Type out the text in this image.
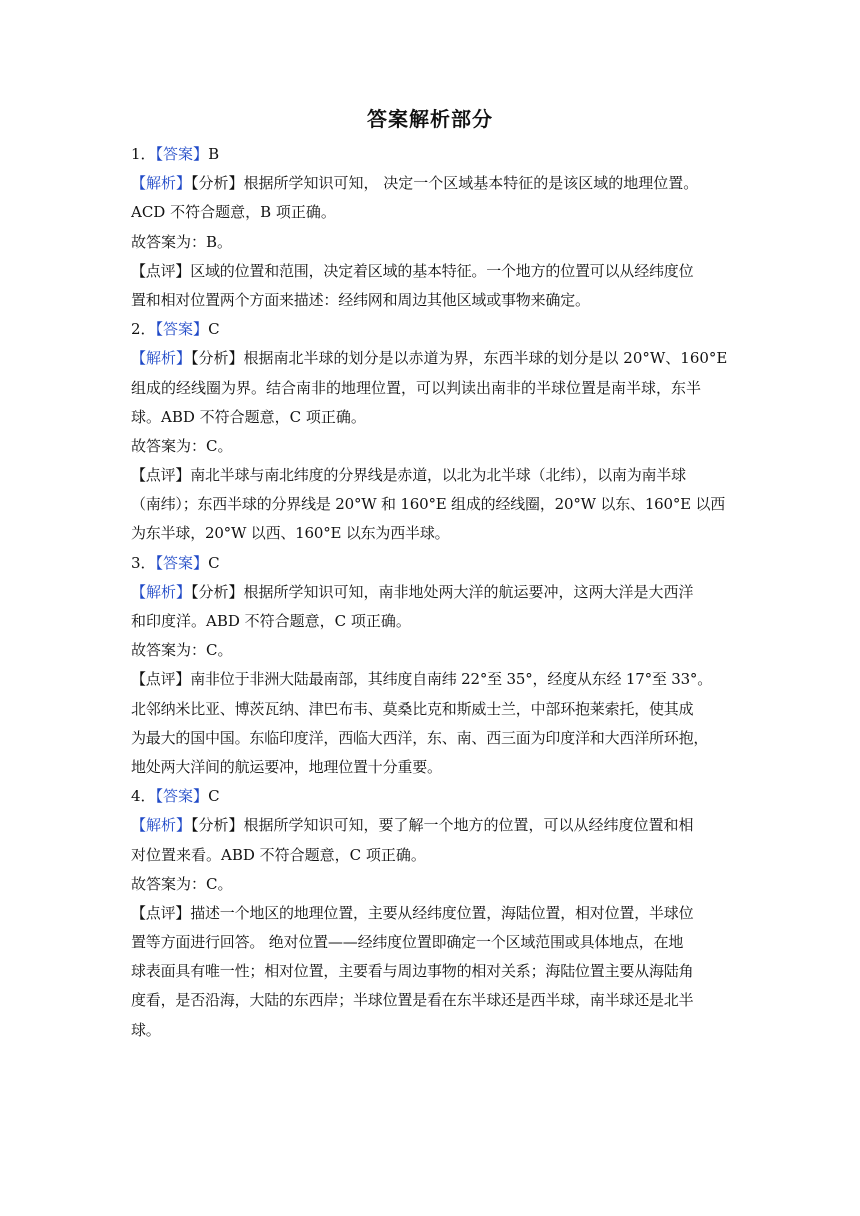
答案解析部分
1．【答案】B
【解析】【分析】根据所学知识可知， 决定一个区域基本特征的是该区域的地理位置。
ACD 不符合题意，B 项正确。
故答案为：B。
【点评】区域的位置和范围，决定着区域的基本特征。一个地方的位置可以从经纬度位
置和相对位置两个方面来描述：经纬网和周边其他区域或事物来确定。
2．【答案】C
【解析】【分析】根据南北半球的划分是以赤道为界，东西半球的划分是以 20°W、160°E
组成的经线圈为界。结合南非的地理位置，可以判读出南非的半球位置是南半球，东半
球。ABD 不符合题意，C 项正确。
故答案为：C。
【点评】南北半球与南北纬度的分界线是赤道，以北为北半球（北纬），以南为南半球
（南纬）；东西半球的分界线是 20°W 和 160°E 组成的经线圈，20°W 以东、160°E 以西
为东半球，20°W 以西、160°E 以东为西半球。
3．【答案】C
【解析】【分析】根据所学知识可知，南非地处两大洋的航运要冲，这两大洋是大西洋
和印度洋。ABD 不符合题意，C 项正确。
故答案为：C。
【点评】南非位于非洲大陆最南部，其纬度自南纬 22°至 35°，经度从东经 17°至 33°。
北邻纳米比亚、博茨瓦纳、津巴布韦、莫桑比克和斯威士兰，中部环抱莱索托，使其成
为最大的国中国。东临印度洋，西临大西洋，东、南、西三面为印度洋和大西洋所环抱，
地处两大洋间的航运要冲，地理位置十分重要。
4．【答案】C
【解析】【分析】根据所学知识可知，要了解一个地方的位置，可以从经纬度位置和相
对位置来看。ABD 不符合题意，C 项正确。
故答案为：C。
【点评】描述一个地区的地理位置，主要从经纬度位置，海陆位置，相对位置，半球位
置等方面进行回答。 绝对位置——经纬度位置即确定一个区域范围或具体地点，在地
球表面具有唯一性；相对位置，主要看与周边事物的相对关系；海陆位置主要从海陆角
度看，是否沿海，大陆的东西岸；半球位置是看在东半球还是西半球，南半球还是北半
球。
